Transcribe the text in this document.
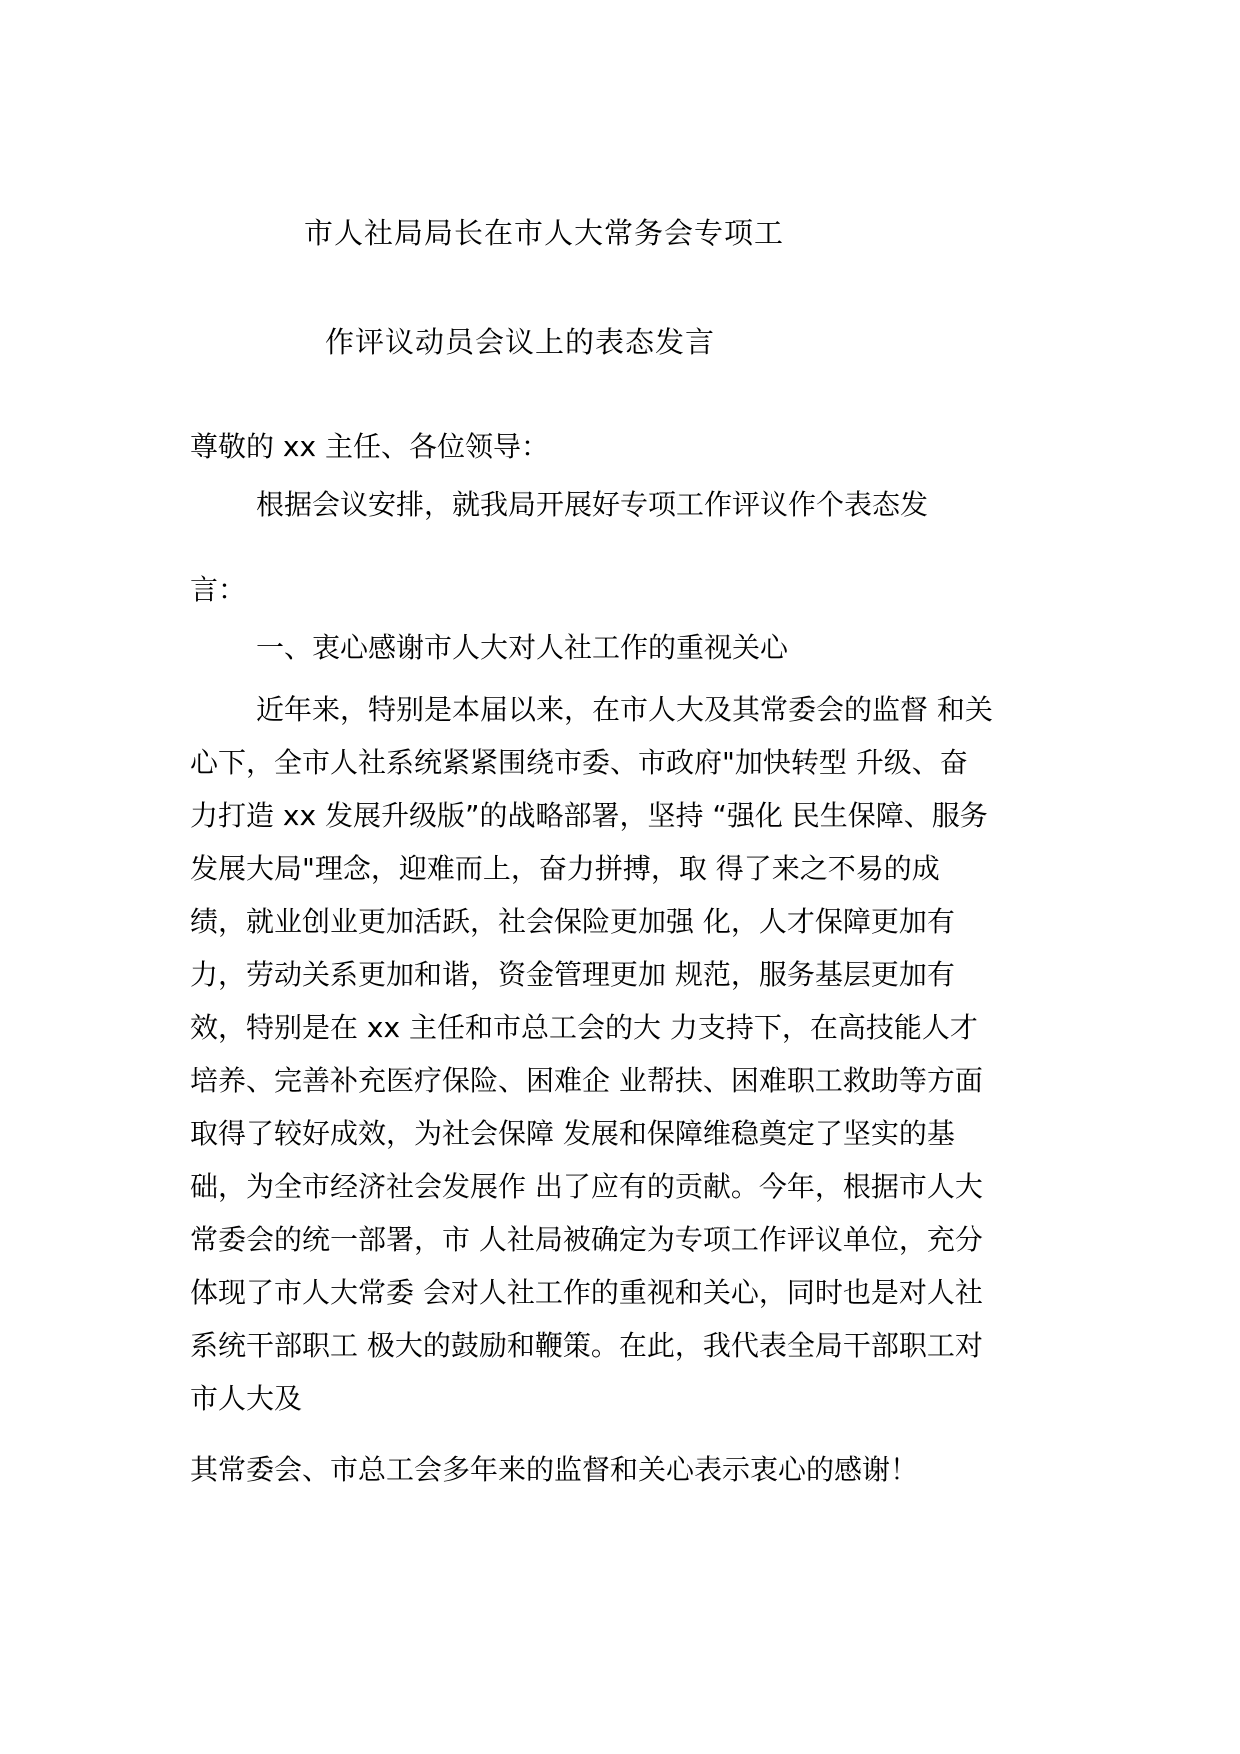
市人社局局长在市人大常务会专项工
作评议动员会议上的表态发言
尊敬的 xx 主任、各位领导：
根据会议安排，就我局开展好专项工作评议作个表态发
言：
一、衷心感谢市人大对人社工作的重视关心
近年来，特别是本届以来，在市人大及其常委会的监督 和关
心下，全市人社系统紧紧围绕市委、市政府"加快转型 升级、奋
力打造 xx 发展升级版”的战略部署，坚持 “强化 民生保障、服务
发展大局"理念，迎难而上，奋力拼搏，取 得了来之不易的成
绩，就业创业更加活跃，社会保险更加强 化，人才保障更加有
力，劳动关系更加和谐，资金管理更加 规范，服务基层更加有
效，特别是在 xx 主任和市总工会的大 力支持下，在高技能人才
培养、完善补充医疗保险、困难企 业帮扶、困难职工救助等方面
取得了较好成效，为社会保障 发展和保障维稳奠定了坚实的基
础，为全市经济社会发展作 出了应有的贡献。今年，根据市人大
常委会的统一部署，市 人社局被确定为专项工作评议单位，充分
体现了市人大常委 会对人社工作的重视和关心，同时也是对人社
系统干部职工 极大的鼓励和鞭策。在此，我代表全局干部职工对
市人大及
其常委会、市总工会多年来的监督和关心表示衷心的感谢！
